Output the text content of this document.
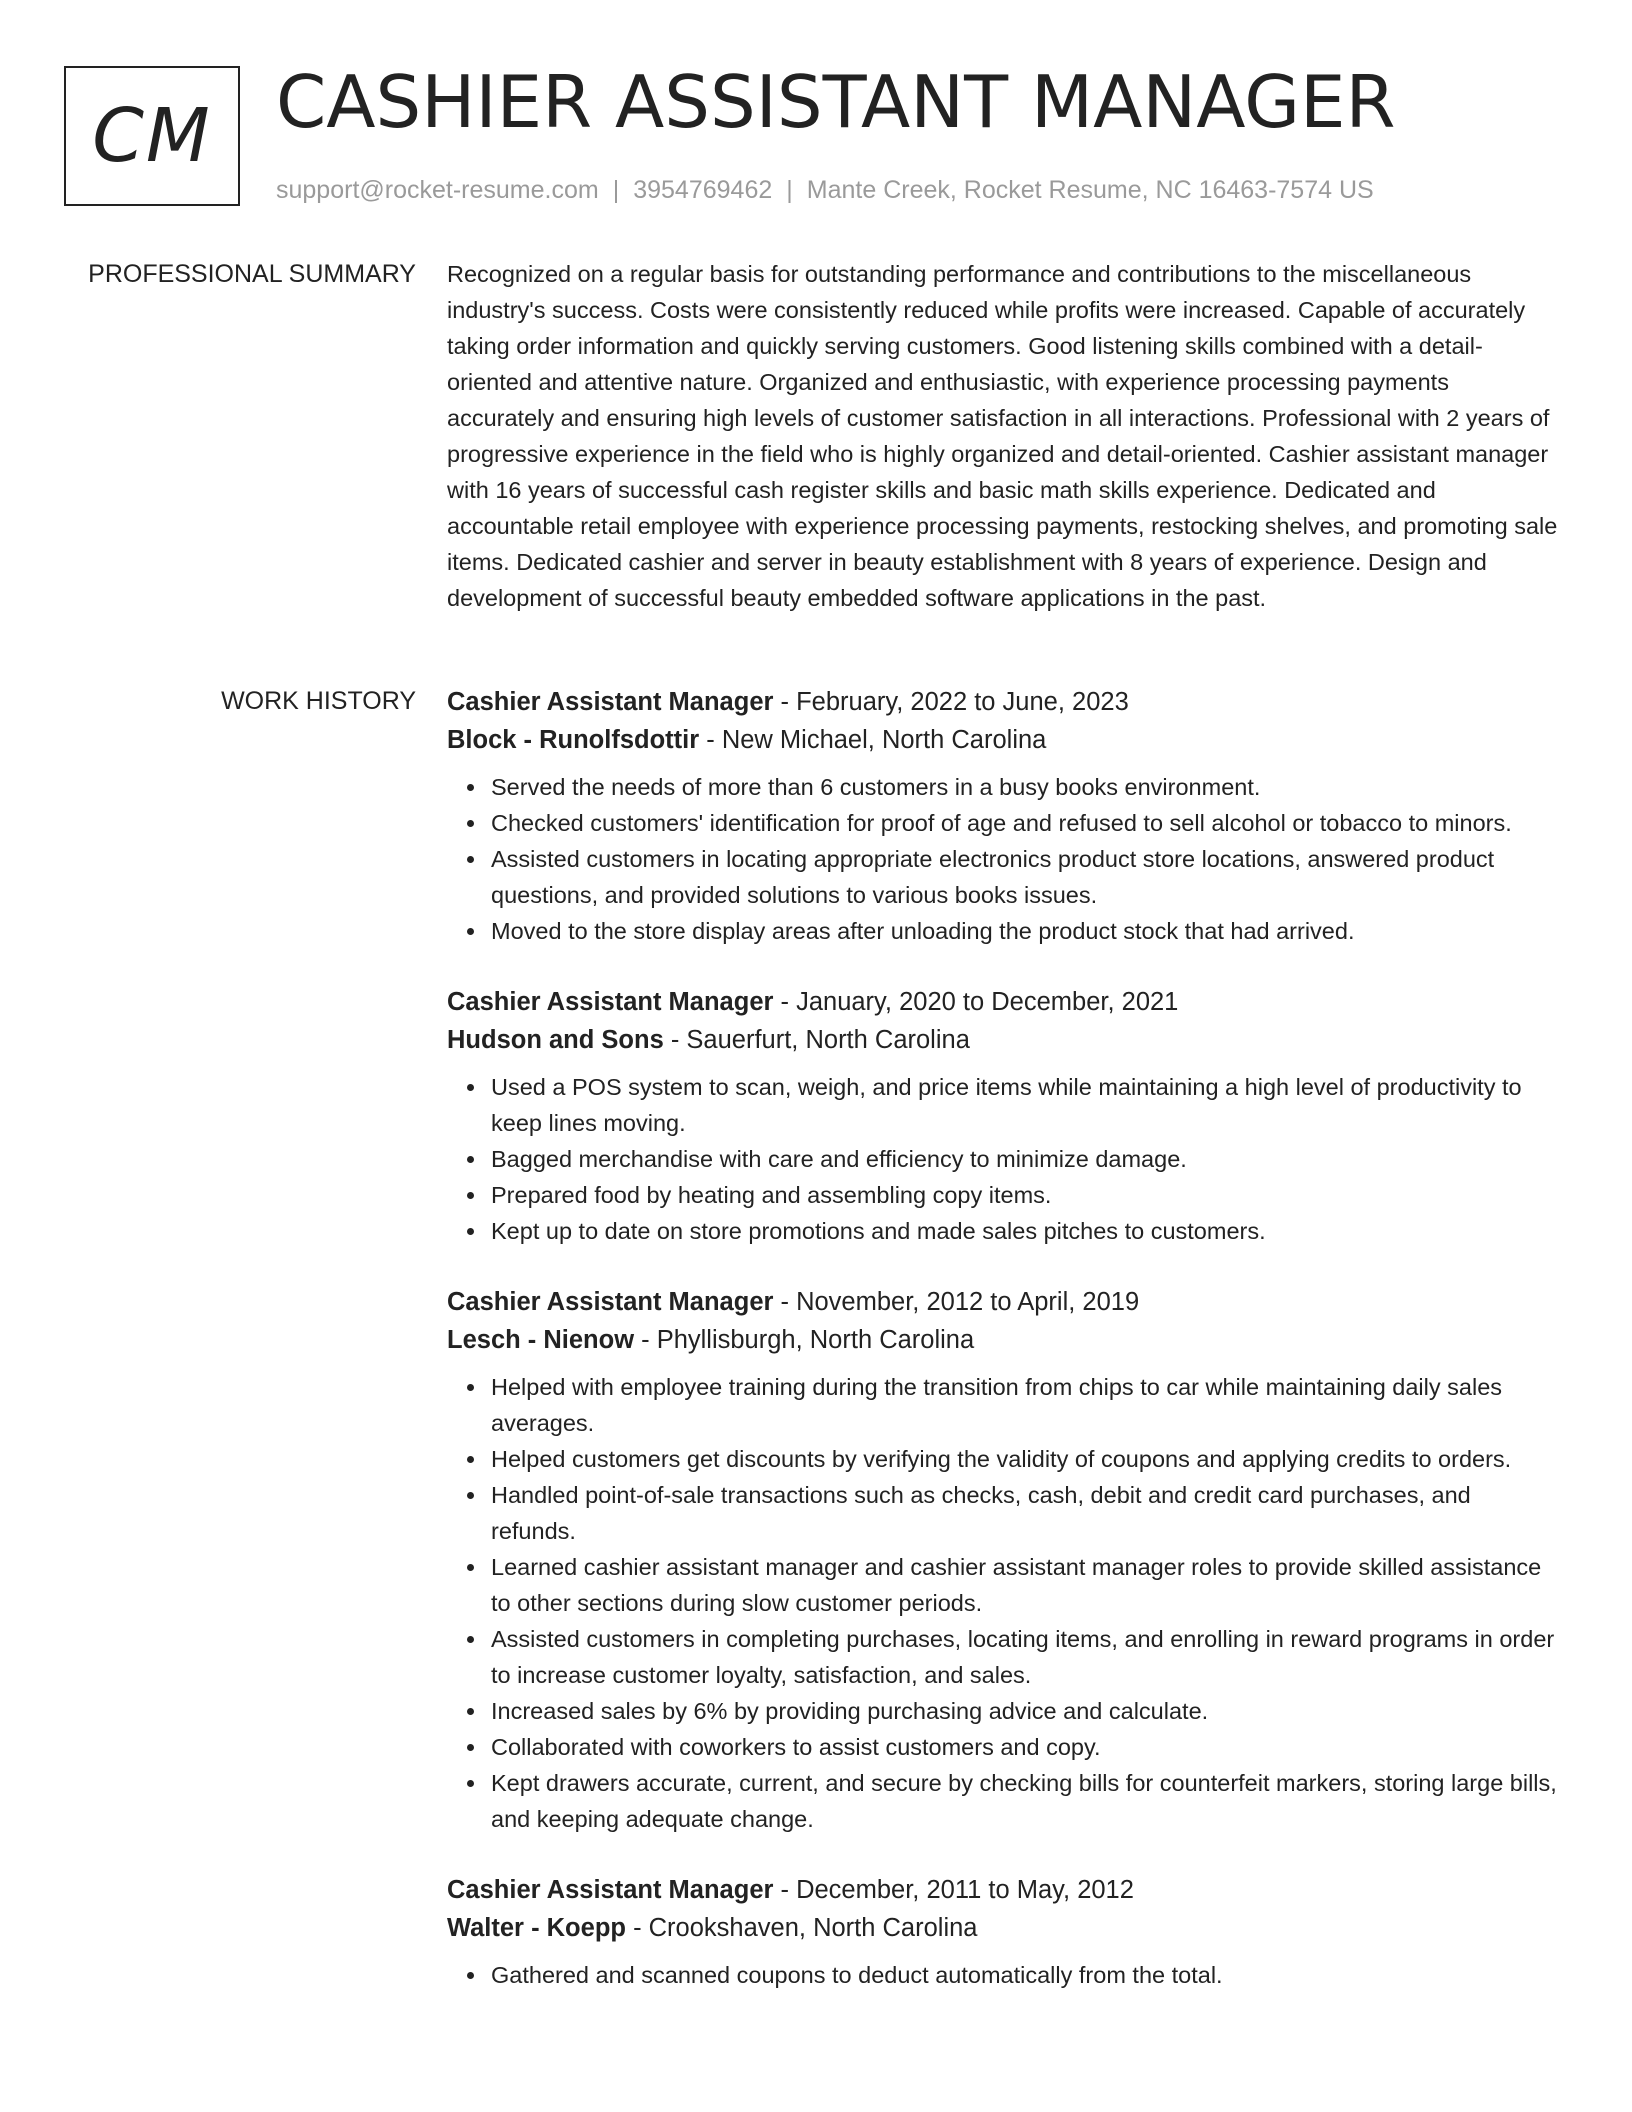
CM CASHIER ASSISTANT MANAGER
support@rocket-resume.com | 3954769462 | Mante Creek, Rocket Resume, NC 16463-7574 US
PROFESSIONAL SUMMARY Recognized on a regular basis for outstanding performance and contributions to the miscellaneous industry's success. Costs were consistently reduced while profits were increased. Capable of accurately taking order information and quickly serving customers. Good listening skills combined with a detail-oriented and attentive nature. Organized and enthusiastic, with experience processing payments accurately and ensuring high levels of customer satisfaction in all interactions. Professional with 2 years of progressive experience in the field who is highly organized and detail-oriented. Cashier assistant manager with 16 years of successful cash register skills and basic math skills experience. Dedicated and accountable retail employee with experience processing payments, restocking shelves, and promoting sale items. Dedicated cashier and server in beauty establishment with 8 years of experience. Design and development of successful beauty embedded software applications in the past.

WORK HISTORY Cashier Assistant Manager - February, 2022 to June, 2023
Block - Runolfsdottir - New Michael, North Carolina
Served the needs of more than 6 customers in a busy books environment.
Checked customers' identification for proof of age and refused to sell alcohol or tobacco to minors.
Assisted customers in locating appropriate electronics product store locations, answered product questions, and provided solutions to various books issues.
Moved to the store display areas after unloading the product stock that had arrived.
Cashier Assistant Manager - January, 2020 to December, 2021
Hudson and Sons - Sauerfurt, North Carolina
Used a POS system to scan, weigh, and price items while maintaining a high level of productivity to keep lines moving.
Bagged merchandise with care and efficiency to minimize damage.
Prepared food by heating and assembling copy items.
Kept up to date on store promotions and made sales pitches to customers.
Cashier Assistant Manager - November, 2012 to April, 2019
Lesch - Nienow - Phyllisburgh, North Carolina
Helped with employee training during the transition from chips to car while maintaining daily sales averages.
Helped customers get discounts by verifying the validity of coupons and applying credits to orders.
Handled point-of-sale transactions such as checks, cash, debit and credit card purchases, and refunds.
Learned cashier assistant manager and cashier assistant manager roles to provide skilled assistance to other sections during slow customer periods.
Assisted customers in completing purchases, locating items, and enrolling in reward programs in order to increase customer loyalty, satisfaction, and sales.
Increased sales by 6% by providing purchasing advice and calculate.
Collaborated with coworkers to assist customers and copy.
Kept drawers accurate, current, and secure by checking bills for counterfeit markers, storing large bills, and keeping adequate change.
Cashier Assistant Manager - December, 2011 to May, 2012
Walter - Koepp - Crookshaven, North Carolina
Gathered and scanned coupons to deduct automatically from the total.
